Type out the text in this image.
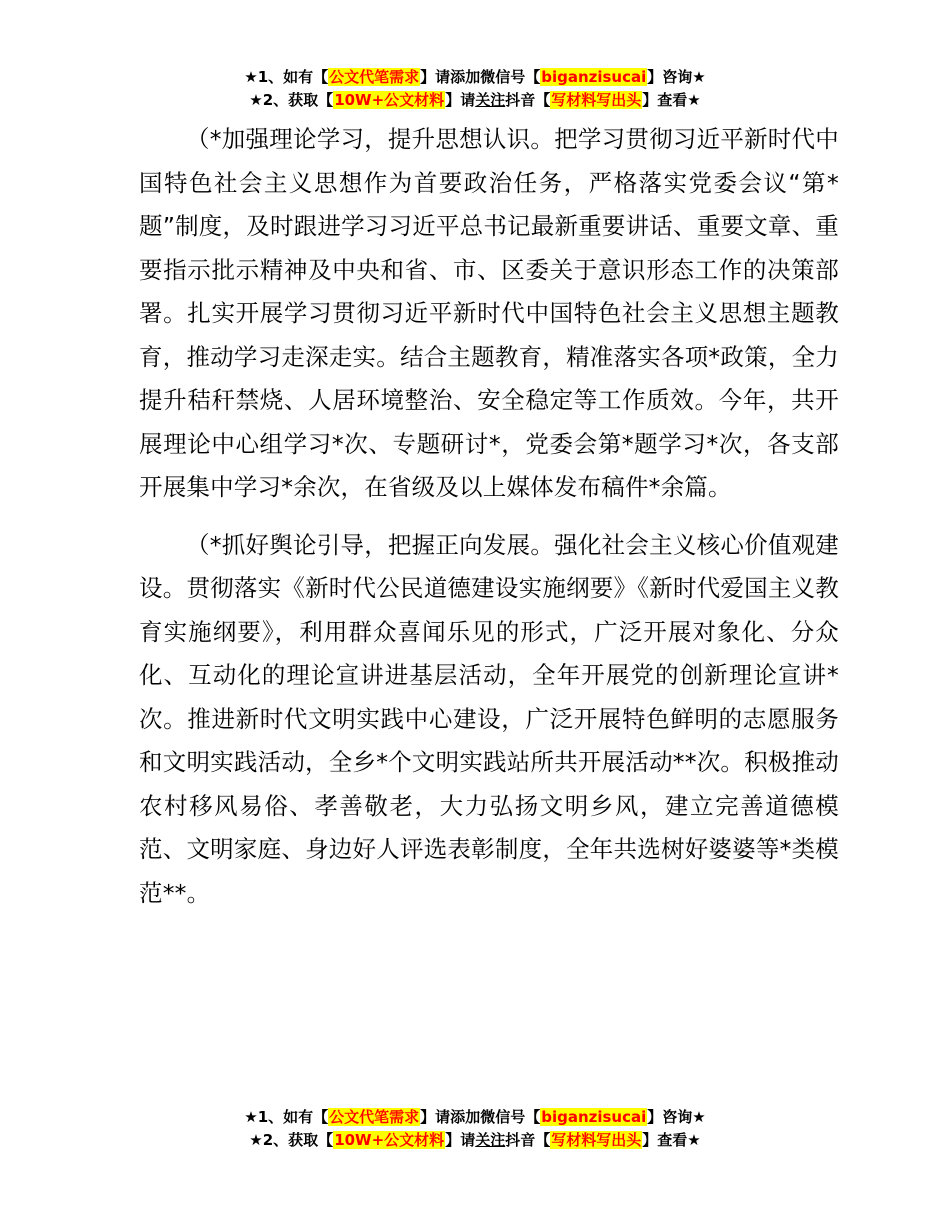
★1、如有【公文代笔需求】请添加微信号【biganzisucai】咨询★
★2、获取【10W+公文材料】请关注抖音【写材料写出头】查看★

（*加强理论学习，提升思想认识。把学习贯彻习近平新时代中国特色社会主义思想作为首要政治任务，严格落实党委会议“第*题”制度，及时跟进学习习近平总书记最新重要讲话、重要文章、重要指示批示精神及中央和省、市、区委关于意识形态工作的决策部署。扎实开展学习贯彻习近平新时代中国特色社会主义思想主题教育，推动学习走深走实。结合主题教育，精准落实各项*政策，全力提升秸秆禁烧、人居环境整治、安全稳定等工作质效。今年，共开展理论中心组学习*次、专题研讨*，党委会第*题学习*次，各支部开展集中学习*余次，在省级及以上媒体发布稿件*余篇。

（*抓好舆论引导，把握正向发展。强化社会主义核心价值观建设。贯彻落实《新时代公民道德建设实施纲要》《新时代爱国主义教育实施纲要》，利用群众喜闻乐见的形式，广泛开展对象化、分众化、互动化的理论宣讲进基层活动，全年开展党的创新理论宣讲*次。推进新时代文明实践中心建设，广泛开展特色鲜明的志愿服务和文明实践活动，全乡*个文明实践站所共开展活动**次。积极推动农村移风易俗、孝善敬老，大力弘扬文明乡风，建立完善道德模范、文明家庭、身边好人评选表彰制度，全年共选树好婆婆等*类模范**。

★1、如有【公文代笔需求】请添加微信号【biganzisucai】咨询★
★2、获取【10W+公文材料】请关注抖音【写材料写出头】查看★
